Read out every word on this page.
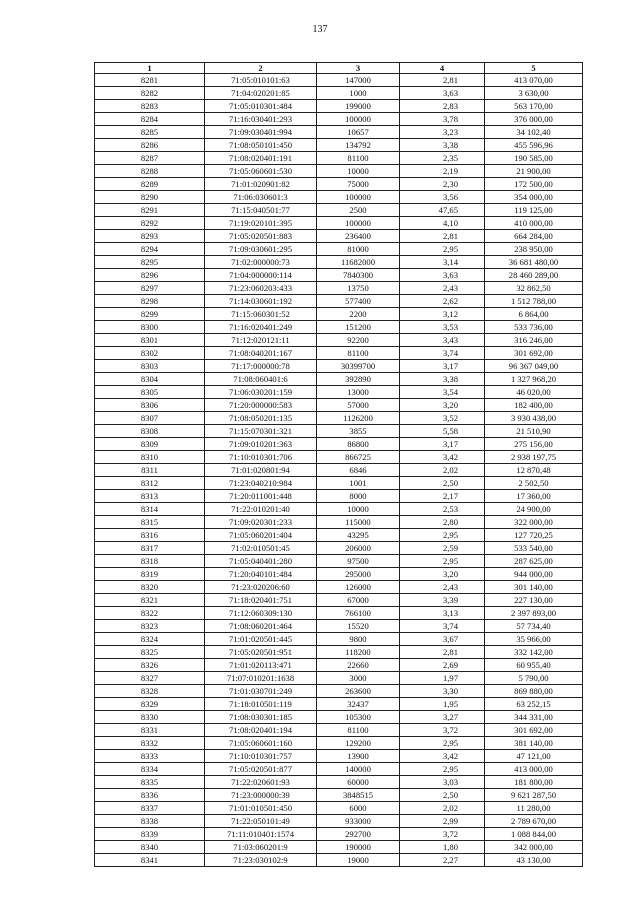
137
1	2	3	4	5
8281	71:05:010101:63	147000	2,81	413 070,00
8282	71:04:020201:85	1000	3,63	3 630,00
8283	71:05:010301:484	199000	2,83	563 170,00
8284	71:16:030401:293	100000	3,78	376 000,00
8285	71:09:030401:994	10657	3,23	34 102,40
8286	71:08:050101:450	134792	3,38	455 596,96
8287	71:08:020401:191	81100	2,35	190 585,00
8288	71:05:060601:530	10000	2,19	21 900,00
8289	71:01:020901:82	75000	2,30	172 500,00
8290	71:06:030601:3	100000	3,56	354 000,00
8291	71:15:040501:77	2500	47,65	119 125,00
8292	71:19:020101:395	100000	4,10	410 000,00
8293	71:05:020501:883	236400	2,81	664 284,00
8294	71:09:030601:295	81000	2,95	238 950,00
8295	71:02:000000:73	11682000	3,14	36 681 480,00
8296	71:04:000000:114	7840300	3,63	28 460 289,00
8297	71:23:060203:433	13750	2,43	32 862,50
8298	71:14:030601:192	577400	2,62	1 512 788,00
8299	71:15:060301:52	2200	3,12	6 864,00
8300	71:16:020401:249	151200	3,53	533 736,00
8301	71:12:020121:11	92200	3,43	316 246,00
8302	71:08:040201:167	81100	3,74	301 692,00
8303	71:17:000000:78	30399700	3,17	96 367 049,00
8304	71:08:060401:6	392890	3,38	1 327 968,20
8305	71:06:030201:159	13000	3,54	46 020,00
8306	71:20:000000:583	57000	3,20	182 400,00
8307	71:08:050201:135	1126200	3,52	3 930 438,00
8308	71:15:070301:321	3855	5,58	21 510,90
8309	71:09:010201:363	86800	3,17	275 156,00
8310	71:10:010301:706	866725	3,42	2 938 197,75
8311	71:01:020801:94	6846	2,02	12 870,48
8312	71:23:040210:984	1001	2,50	2 502,50
8313	71:20:011001:448	8000	2,17	17 360,00
8314	71:22:010201:40	10000	2,53	24 900,00
8315	71:09:020301:233	115000	2,80	322 000,00
8316	71:05:060201:404	43295	2,95	127 720,25
8317	71:02:010501:45	206000	2,59	533 540,00
8318	71:05:040401:280	97500	2,95	287 625,00
8319	71:20:040101:484	295000	3,20	944 000,00
8320	71:23:020206:60	126000	2,43	301 140,00
8321	71:18:020401:751	67000	3,39	227 130,00
8322	71:12:060309:130	766100	3,13	2 397 893,00
8323	71:08:060201:464	15520	3,74	57 734,40
8324	71:01:020501:445	9800	3,67	35 966,00
8325	71:05:020501:951	118200	2,81	332 142,00
8326	71:01:020113:471	22660	2,69	60 955,40
8327	71:07:010201:1638	3000	1,97	5 790,00
8328	71:01:030701:249	263600	3,30	869 880,00
8329	71:18:010501:119	32437	1,95	63 252,15
8330	71:08:030301:185	105300	3,27	344 331,00
8331	71:08:020401:194	81100	3,72	301 692,00
8332	71:05:060601:160	129200	2,95	381 140,00
8333	71:10:010301:757	13900	3,42	47 121,00
8334	71:05:020501:877	140000	2,95	413 000,00
8335	71:22:020601:93	60000	3,03	181 800,00
8336	71:23:000000:39	3848515	2,50	9 621 287,50
8337	71:01:010501:450	6000	2,02	11 280,00
8338	71:22:050101:49	933000	2,99	2 789 670,00
8339	71:11:010401:1574	292700	3,72	1 088 844,00
8340	71:03:060201:9	190000	1,80	342 000,00
8341	71:23:030102:9	19000	2,27	43 130,00
